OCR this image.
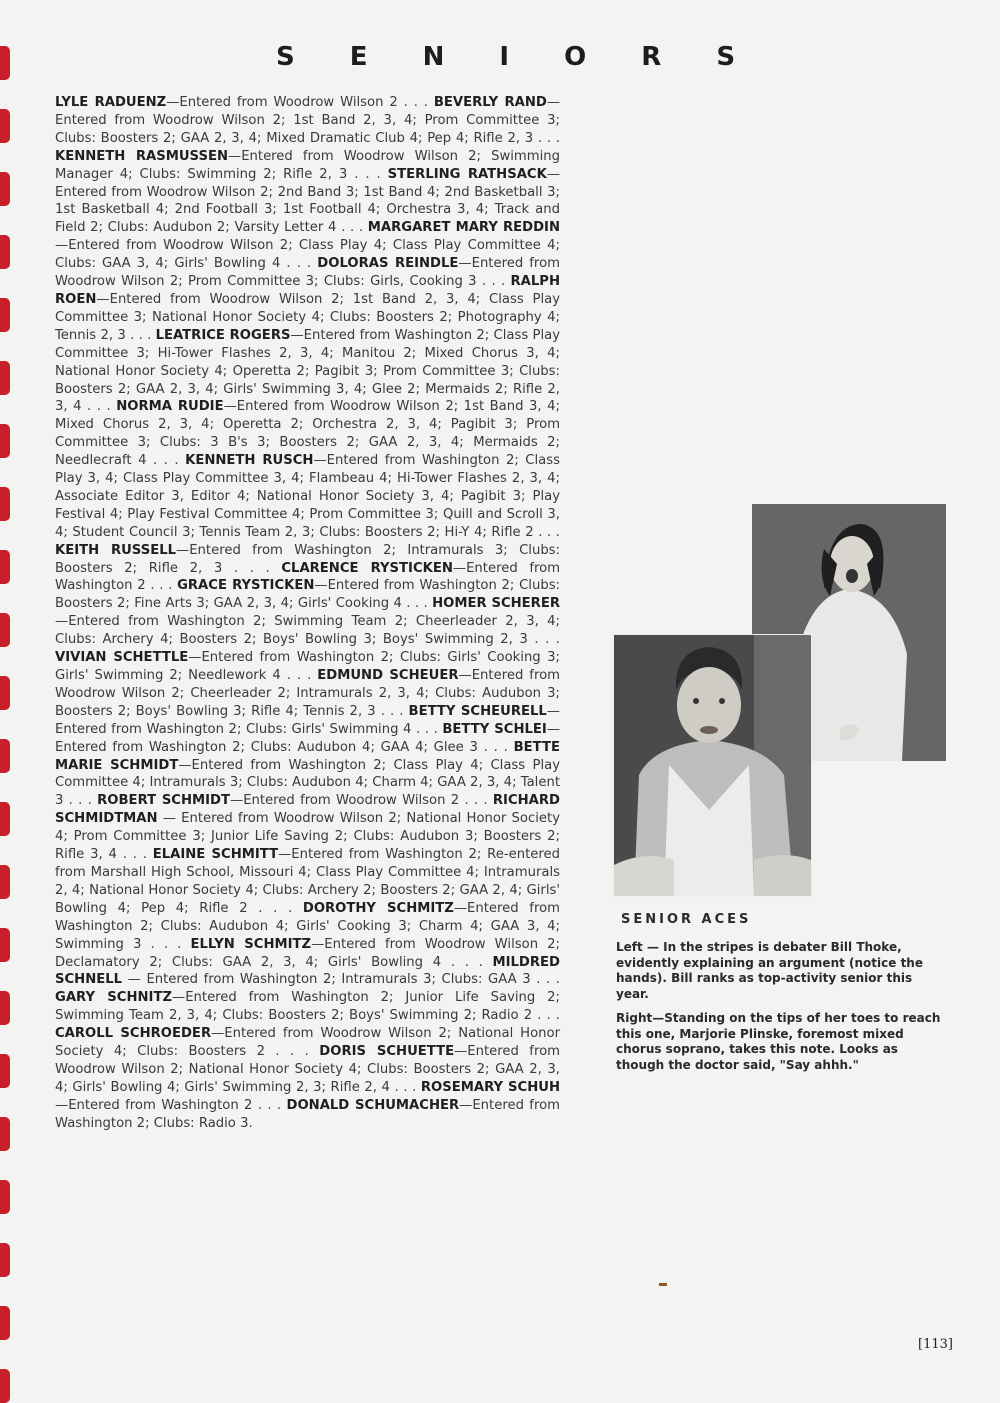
S E N I O R S

LYLE RADUENZ—Entered from Woodrow Wilson 2 . . . BEVERLY RAND—Entered from Woodrow Wilson 2; 1st Band 2, 3, 4; Prom Committee 3; Clubs: Boosters 2; GAA 2, 3, 4; Mixed Dramatic Club 4; Pep 4; Rifle 2, 3 . . . KENNETH RASMUSSEN—Entered from Woodrow Wilson 2; Swimming Manager 4; Clubs: Swimming 2; Rifle 2, 3 . . . STERLING RATHSACK—Entered from Woodrow Wilson 2; 2nd Band 3; 1st Band 4; 2nd Basketball 3; 1st Basketball 4; 2nd Football 3; 1st Football 4; Orchestra 3, 4; Track and Field 2; Clubs: Audubon 2; Varsity Letter 4 . . . MARGARET MARY REDDIN—Entered from Woodrow Wilson 2; Class Play 4; Class Play Committee 4; Clubs: GAA 3, 4; Girls' Bowling 4 . . . DOLORAS REINDLE—Entered from Woodrow Wilson 2; Prom Committee 3; Clubs: Girls, Cooking 3 . . . RALPH ROEN—Entered from Woodrow Wilson 2; 1st Band 2, 3, 4; Class Play Committee 3; National Honor Society 4; Clubs: Boosters 2; Photography 4; Tennis 2, 3 . . . LEATRICE ROGERS—Entered from Washington 2; Class Play Committee 3; Hi-Tower Flashes 2, 3, 4; Manitou 2; Mixed Chorus 3, 4; National Honor Society 4; Operetta 2; Pagibit 3; Prom Committee 3; Clubs: Boosters 2; GAA 2, 3, 4; Girls' Swimming 3, 4; Glee 2; Mermaids 2; Rifle 2, 3, 4 . . . NORMA RUDIE—Entered from Woodrow Wilson 2; 1st Band 3, 4; Mixed Chorus 2, 3, 4; Operetta 2; Orchestra 2, 3, 4; Pagibit 3; Prom Committee 3; Clubs: 3 B's 3; Boosters 2; GAA 2, 3, 4; Mermaids 2; Needlecraft 4 . . . KENNETH RUSCH—Entered from Washington 2; Class Play 3, 4; Class Play Committee 3, 4; Flambeau 4; Hi-Tower Flashes 2, 3, 4; Associate Editor 3, Editor 4; National Honor Society 3, 4; Pagibit 3; Play Festival 4; Play Festival Committee 4; Prom Committee 3; Quill and Scroll 3, 4; Student Council 3; Tennis Team 2, 3; Clubs: Boosters 2; Hi-Y 4; Rifle 2 . . . KEITH RUSSELL—Entered from Washington 2; Intramurals 3; Clubs: Boosters 2; Rifle 2, 3 . . . CLARENCE RYSTICKEN—Entered from Washington 2 . . . GRACE RYSTICKEN—Entered from Washington 2; Clubs: Boosters 2; Fine Arts 3; GAA 2, 3, 4; Girls' Cooking 4 . . . HOMER SCHERER—Entered from Washington 2; Swimming Team 2; Cheerleader 2, 3, 4; Clubs: Archery 4; Boosters 2; Boys' Bowling 3; Boys' Swimming 2, 3 . . . VIVIAN SCHETTLE—Entered from Washington 2; Clubs: Girls' Cooking 3; Girls' Swimming 2; Needlework 4 . . . EDMUND SCHEUER—Entered from Woodrow Wilson 2; Cheerleader 2; Intramurals 2, 3, 4; Clubs: Audubon 3; Boosters 2; Boys' Bowling 3; Rifle 4; Tennis 2, 3 . . . BETTY SCHEURELL—Entered from Washington 2; Clubs: Girls' Swimming 4 . . . BETTY SCHLEI—Entered from Washington 2; Clubs: Audubon 4; GAA 4; Glee 3 . . . BETTE MARIE SCHMIDT—Entered from Washington 2; Class Play 4; Class Play Committee 4; Intramurals 3; Clubs: Audubon 4; Charm 4; GAA 2, 3, 4; Talent 3 . . . ROBERT SCHMIDT—Entered from Woodrow Wilson 2 . . . RICHARD SCHMIDTMAN — Entered from Woodrow Wilson 2; National Honor Society 4; Prom Committee 3; Junior Life Saving 2; Clubs: Audubon 3; Boosters 2; Rifle 3, 4 . . . ELAINE SCHMITT—Entered from Washington 2; Re-entered from Marshall High School, Missouri 4; Class Play Committee 4; Intramurals 2, 4; National Honor Society 4; Clubs: Archery 2; Boosters 2; GAA 2, 4; Girls' Bowling 4; Pep 4; Rifle 2 . . . DOROTHY SCHMITZ—Entered from Washington 2; Clubs: Audubon 4; Girls' Cooking 3; Charm 4; GAA 3, 4; Swimming 3 . . . ELLYN SCHMITZ—Entered from Woodrow Wilson 2; Declamatory 2; Clubs: GAA 2, 3, 4; Girls' Bowling 4 . . . MILDRED SCHNELL — Entered from Washington 2; Intramurals 3; Clubs: GAA 3 . . . GARY SCHNITZ—Entered from Washington 2; Junior Life Saving 2; Swimming Team 2, 3, 4; Clubs: Boosters 2; Boys' Swimming 2; Radio 2 . . . CAROLL SCHROEDER—Entered from Woodrow Wilson 2; National Honor Society 4; Clubs: Boosters 2 . . . DORIS SCHUETTE—Entered from Woodrow Wilson 2; National Honor Society 4; Clubs: Boosters 2; GAA 2, 3, 4; Girls' Bowling 4; Girls' Swimming 2, 3; Rifle 2, 4 . . . ROSEMARY SCHUH—Entered from Washington 2 . . . DONALD SCHUMACHER—Entered from Washington 2; Clubs: Radio 3.

SENIOR ACES

Left — In the stripes is debater Bill Thoke, evidently explaining an argument (notice the hands). Bill ranks as top-activity senior this year.

Right—Standing on the tips of her toes to reach this one, Marjorie Plinske, foremost mixed chorus soprano, takes this note. Looks as though the doctor said, "Say ahhh."

[113]
